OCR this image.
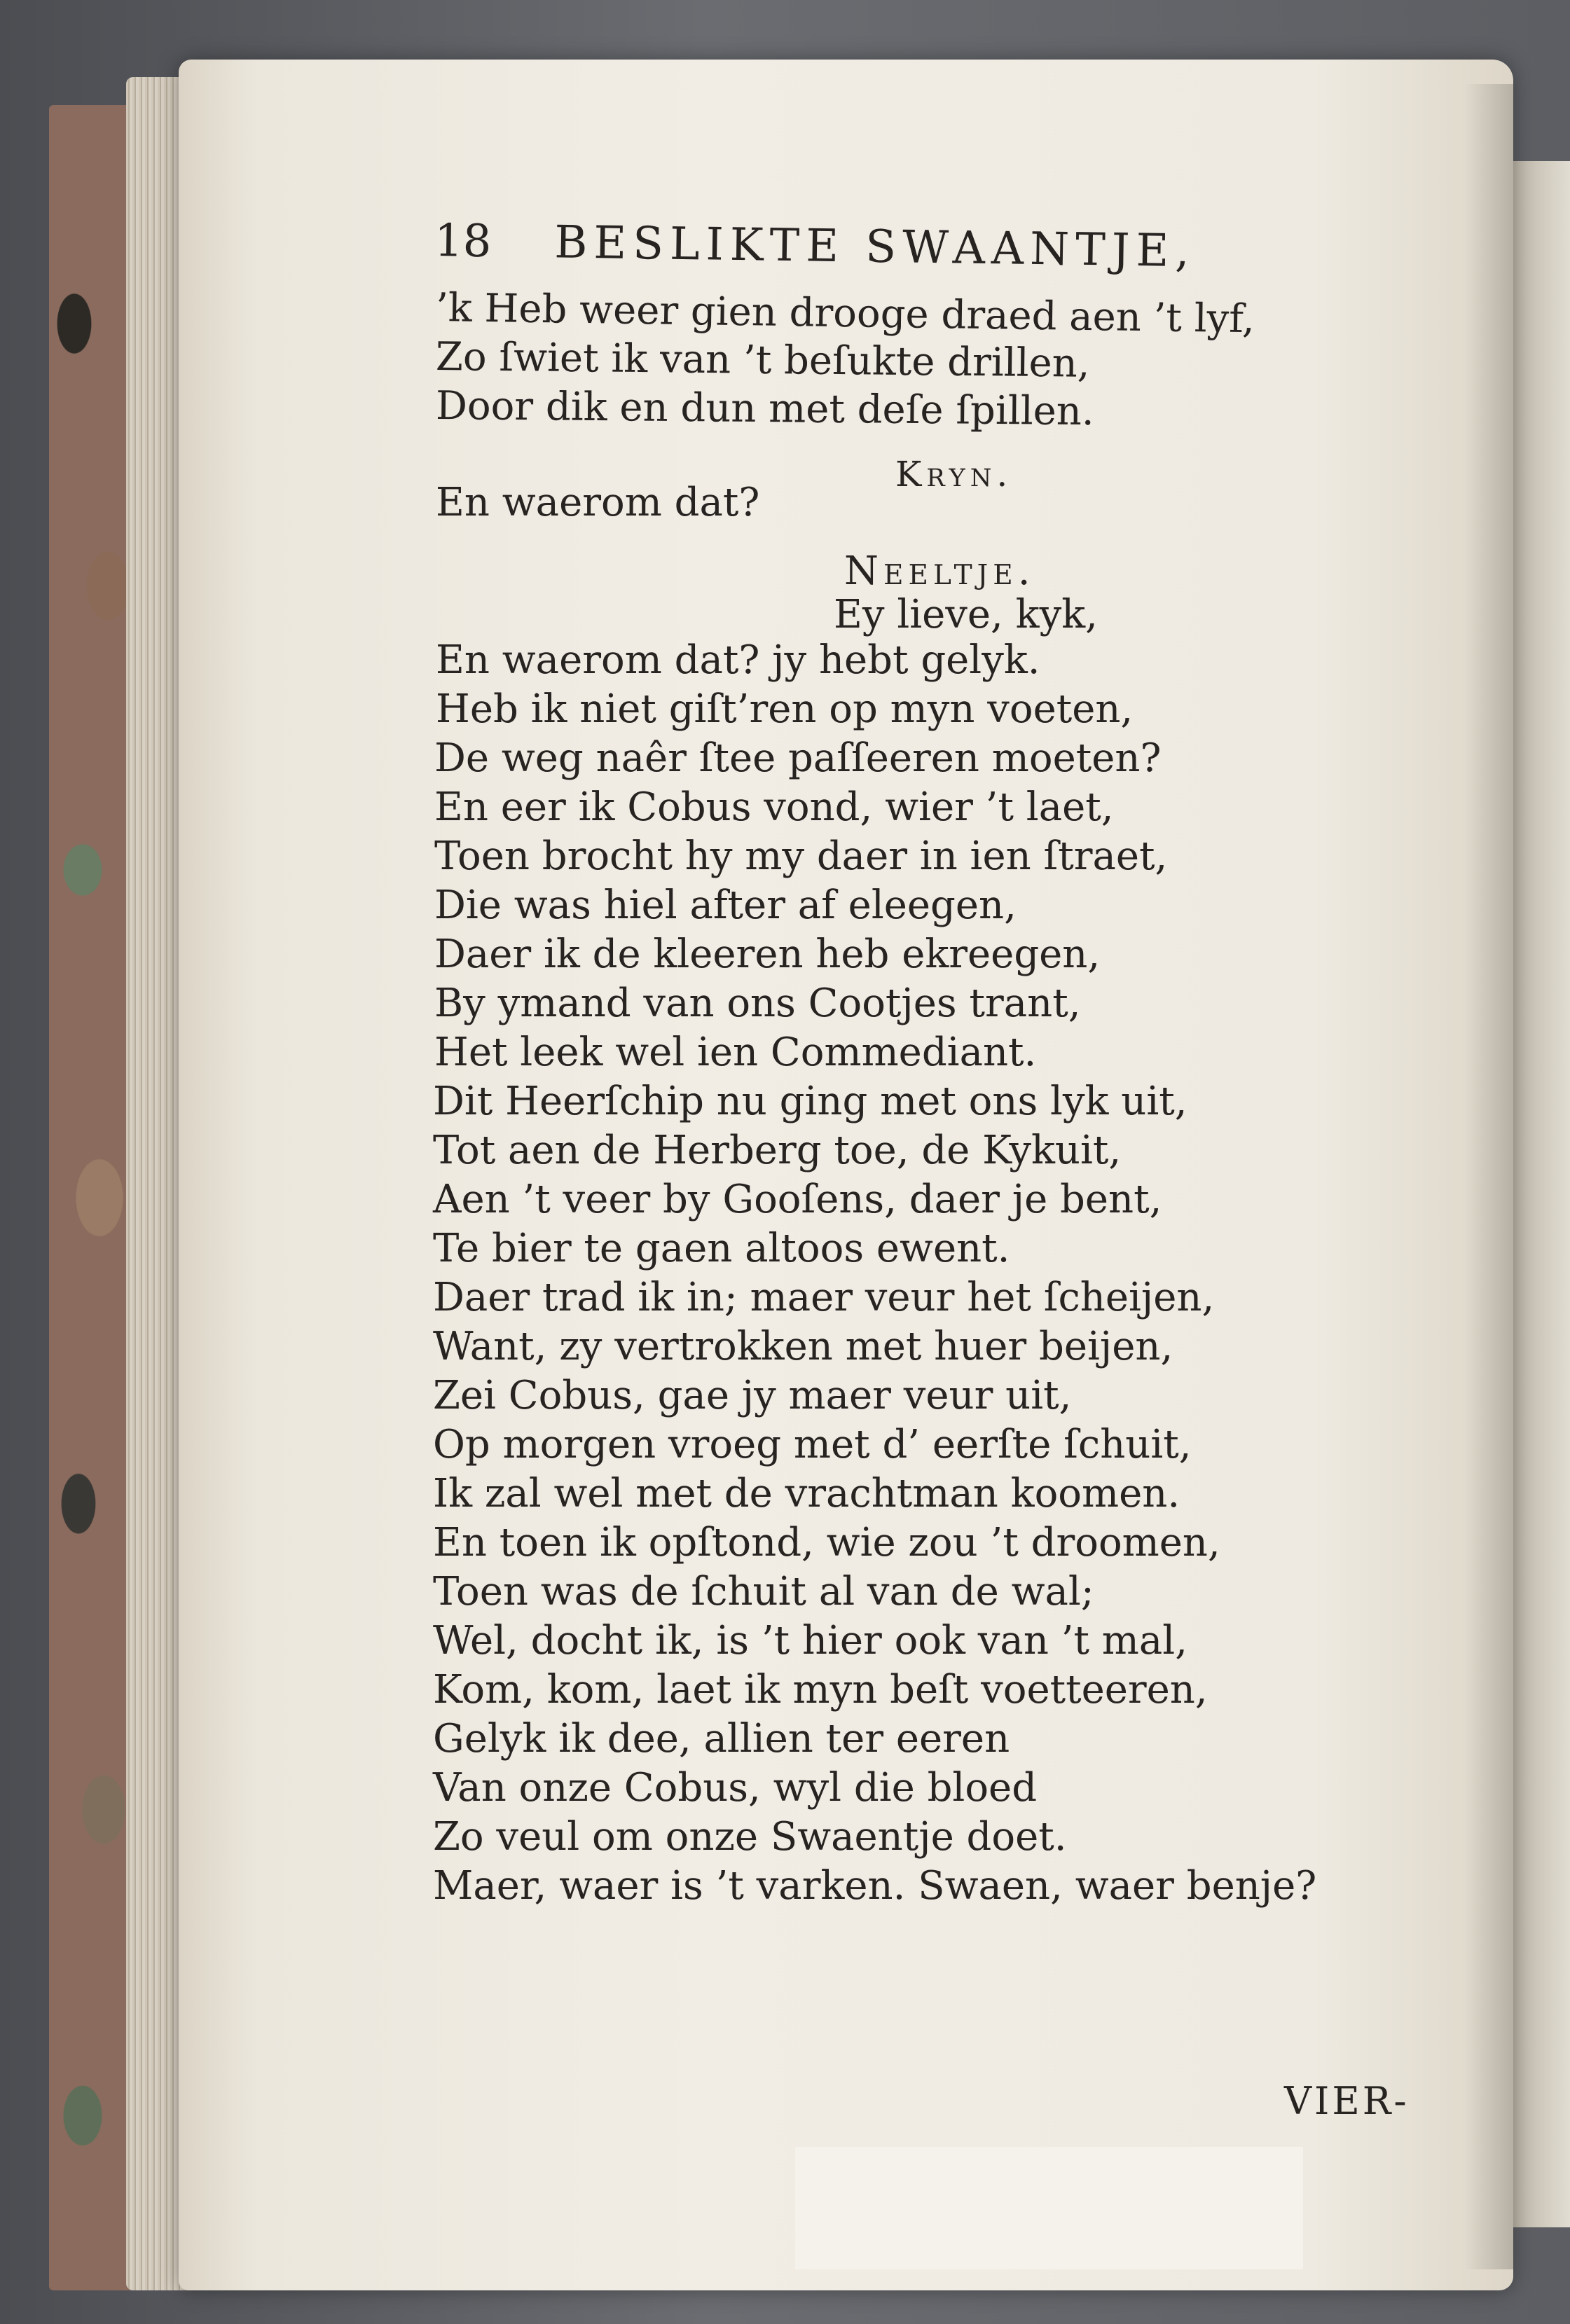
18 BESLIKTE SWAANTJE,
’k Heb weer gien drooge draed aen ’t lyf,
Zo ſwiet ik van ’t beſukte drillen,
Door dik en dun met deſe ſpillen.
Kryn.
En waerom dat?
Neeltje.
Ey lieve, kyk,
En waerom dat? jy hebt gelyk.
Heb ik niet giſt’ren op myn voeten,
De weg naêr ſtee paſſeeren moeten?
En eer ik Cobus vond, wier ’t laet,
Toen brocht hy my daer in ien ſtraet,
Die was hiel after af eleegen,
Daer ik de kleeren heb ekreegen,
By ymand van ons Cootjes trant,
Het leek wel ien Commediant.
Dit Heerſchip nu ging met ons lyk uit,
Tot aen de Herberg toe, de Kykuit,
Aen ’t veer by Gooſens, daer je bent,
Te bier te gaen altoos ewent.
Daer trad ik in; maer veur het ſcheijen,
Want, zy vertrokken met huer beijen,
Zei Cobus, gae jy maer veur uit,
Op morgen vroeg met d’ eerſte ſchuit,
Ik zal wel met de vrachtman koomen.
En toen ik opſtond, wie zou ’t droomen,
Toen was de ſchuit al van de wal;
Wel, docht ik, is ’t hier ook van ’t mal,
Kom, kom, laet ik myn beſt voetteeren,
Gelyk ik dee, allien ter eeren
Van onze Cobus, wyl die bloed
Zo veul om onze Swaentje doet.
Maer, waer is ’t varken. Swaen, waer benje?
VIER-
